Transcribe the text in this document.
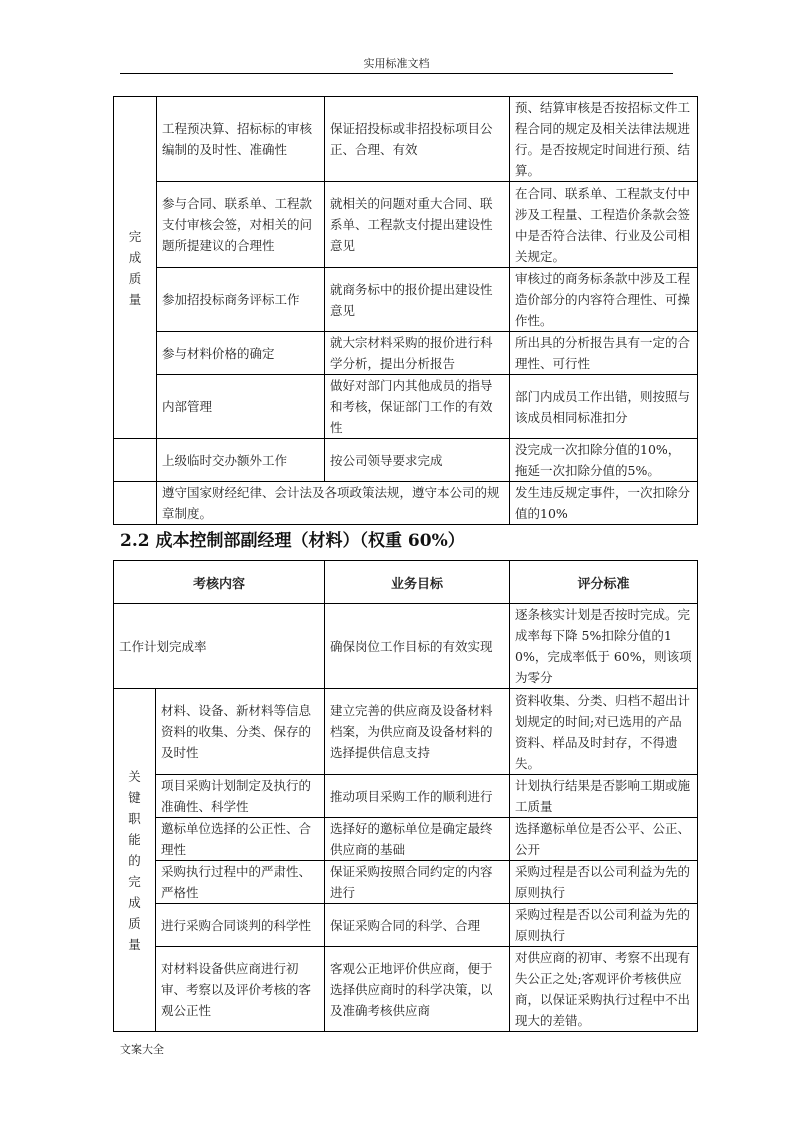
实用标准文档
完
成
质
量	工程预决算、招标标的审核编制的及时性、准确性	保证招投标或非招投标项目公正、合理、有效	预、结算审核是否按招标文件工程合同的规定及相关法律法规进行。是否按规定时间进行预、结算。
	参与合同、联系单、工程款支付审核会签，对相关的问题所提建议的合理性	就相关的问题对重大合同、联系单、工程款支付提出建设性意见	在合同、联系单、工程款支付中涉及工程量、工程造价条款会签中是否符合法律、行业及公司相关规定。
	参加招投标商务评标工作	就商务标中的报价提出建设性意见	审核过的商务标条款中涉及工程造价部分的内容符合理性、可操作性。
	参与材料价格的确定	就大宗材料采购的报价进行科学分析，提出分析报告	所出具的分析报告具有一定的合理性、可行性
	内部管理	做好对部门内其他成员的指导和考核，保证部门工作的有效性	部门内成员工作出错，则按照与该成员相同标准扣分
	上级临时交办额外工作	按公司领导要求完成	没完成一次扣除分值的10%，拖延一次扣除分值的5%。
	遵守国家财经纪律、会计法及各项政策法规，遵守本公司的规章制度。		发生违反规定事件，一次扣除分值的10%
2.2 成本控制部副经理（材料）（权重 60%）
考核内容		业务目标	评分标准
工作计划完成率		确保岗位工作目标的有效实现	逐条核实计划是否按时完成。完成率每下降 5%扣除分值的10%，完成率低于 60%，则该项为零分

关
键
职
能
的
完
成
质
量
	材料、设备、新材料等信息资料的收集、分类、保存的及时性	建立完善的供应商及设备材料档案，为供应商及设备材料的选择提供信息支持	资料收集、分类、归档不超出计划规定的时间;对已选用的产品资料、样品及时封存，不得遗失。
	项目采购计划制定及执行的准确性、科学性	推动项目采购工作的顺利进行	计划执行结果是否影响工期或施工质量
	邀标单位选择的公正性、合理性	选择好的邀标单位是确定最终供应商的基础	选择邀标单位是否公平、公正、公开
	采购执行过程中的严肃性、严格性	保证采购按照合同约定的内容进行	采购过程是否以公司利益为先的原则执行
	进行采购合同谈判的科学性	保证采购合同的科学、合理	采购过程是否以公司利益为先的原则执行
	对材料设备供应商进行初审、考察以及评价考核的客观公正性	客观公正地评价供应商，便于选择供应商时的科学决策，以及准确考核供应商	对供应商的初审、考察不出现有失公正之处;客观评价考核供应商，以保证采购执行过程中不出现大的差错。
文案大全
